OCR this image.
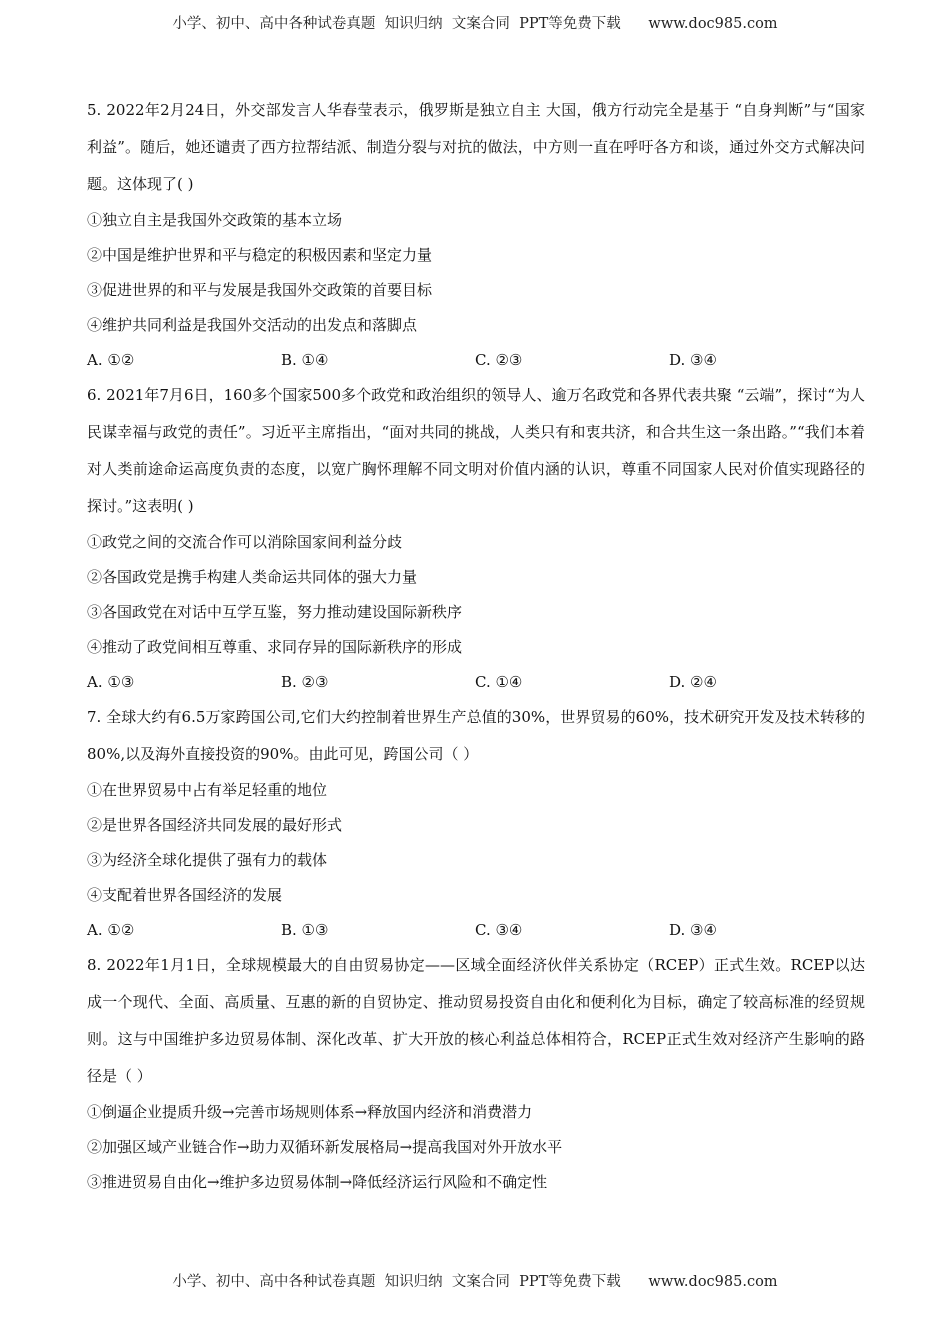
小学、初中、高中各种试卷真题  知识归纳  文案合同  PPT等免费下载      www.doc985.com

5. 2022年2月24日，外交部发言人华春莹表示，俄罗斯是独立自主 大国，俄方行动完全是基于 “自身判断”与“国家利益”。随后，她还谴责了西方拉帮结派、制造分裂与对抗的做法，中方则一直在呼吁各方和谈，通过外交方式解决问题。这体现了( )

①独立自主是我国外交政策的基本立场

②中国是维护世界和平与稳定的积极因素和坚定力量

③促进世界的和平与发展是我国外交政策的首要目标

④维护共同利益是我国外交活动的出发点和落脚点

A. ①②	B. ①④	C. ②③	D. ③④

6. 2021年7月6日，160多个国家500多个政党和政治组织的领导人、逾万名政党和各界代表共聚 “云端”，探讨“为人民谋幸福与政党的责任”。习近平主席指出，“面对共同的挑战，人类只有和衷共济，和合共生这一条出路。”“我们本着对人类前途命运高度负责的态度，以宽广胸怀理解不同文明对价值内涵的认识，尊重不同国家人民对价值实现路径的探讨。”这表明( )

①政党之间的交流合作可以消除国家间利益分歧

②各国政党是携手构建人类命运共同体的强大力量

③各国政党在对话中互学互鉴，努力推动建设国际新秩序

④推动了政党间相互尊重、求同存异的国际新秩序的形成

A. ①③	B. ②③	C. ①④	D. ②④

7. 全球大约有6.5万家跨国公司,它们大约控制着世界生产总值的30%，世界贸易的60%，技术研究开发及技术转移的80%,以及海外直接投资的90%。由此可见，跨国公司（ ）

①在世界贸易中占有举足轻重的地位

②是世界各国经济共同发展的最好形式

③为经济全球化提供了强有力的载体

④支配着世界各国经济的发展

A. ①②	B. ①③	C. ③④	D. ③④

8. 2022年1月1日，全球规模最大的自由贸易协定——区域全面经济伙伴关系协定（RCEP）正式生效。RCEP以达成一个现代、全面、高质量、互惠的新的自贸协定、推动贸易投资自由化和便利化为目标，确定了较高标准的经贸规则。这与中国维护多边贸易体制、深化改革、扩大开放的核心利益总体相符合，RCEP正式生效对经济产生影响的路径是（ ）

①倒逼企业提质升级→完善市场规则体系→释放国内经济和消费潜力

②加强区域产业链合作→助力双循环新发展格局→提高我国对外开放水平

③推进贸易自由化→维护多边贸易体制→降低经济运行风险和不确定性

小学、初中、高中各种试卷真题  知识归纳  文案合同  PPT等免费下载      www.doc985.com
